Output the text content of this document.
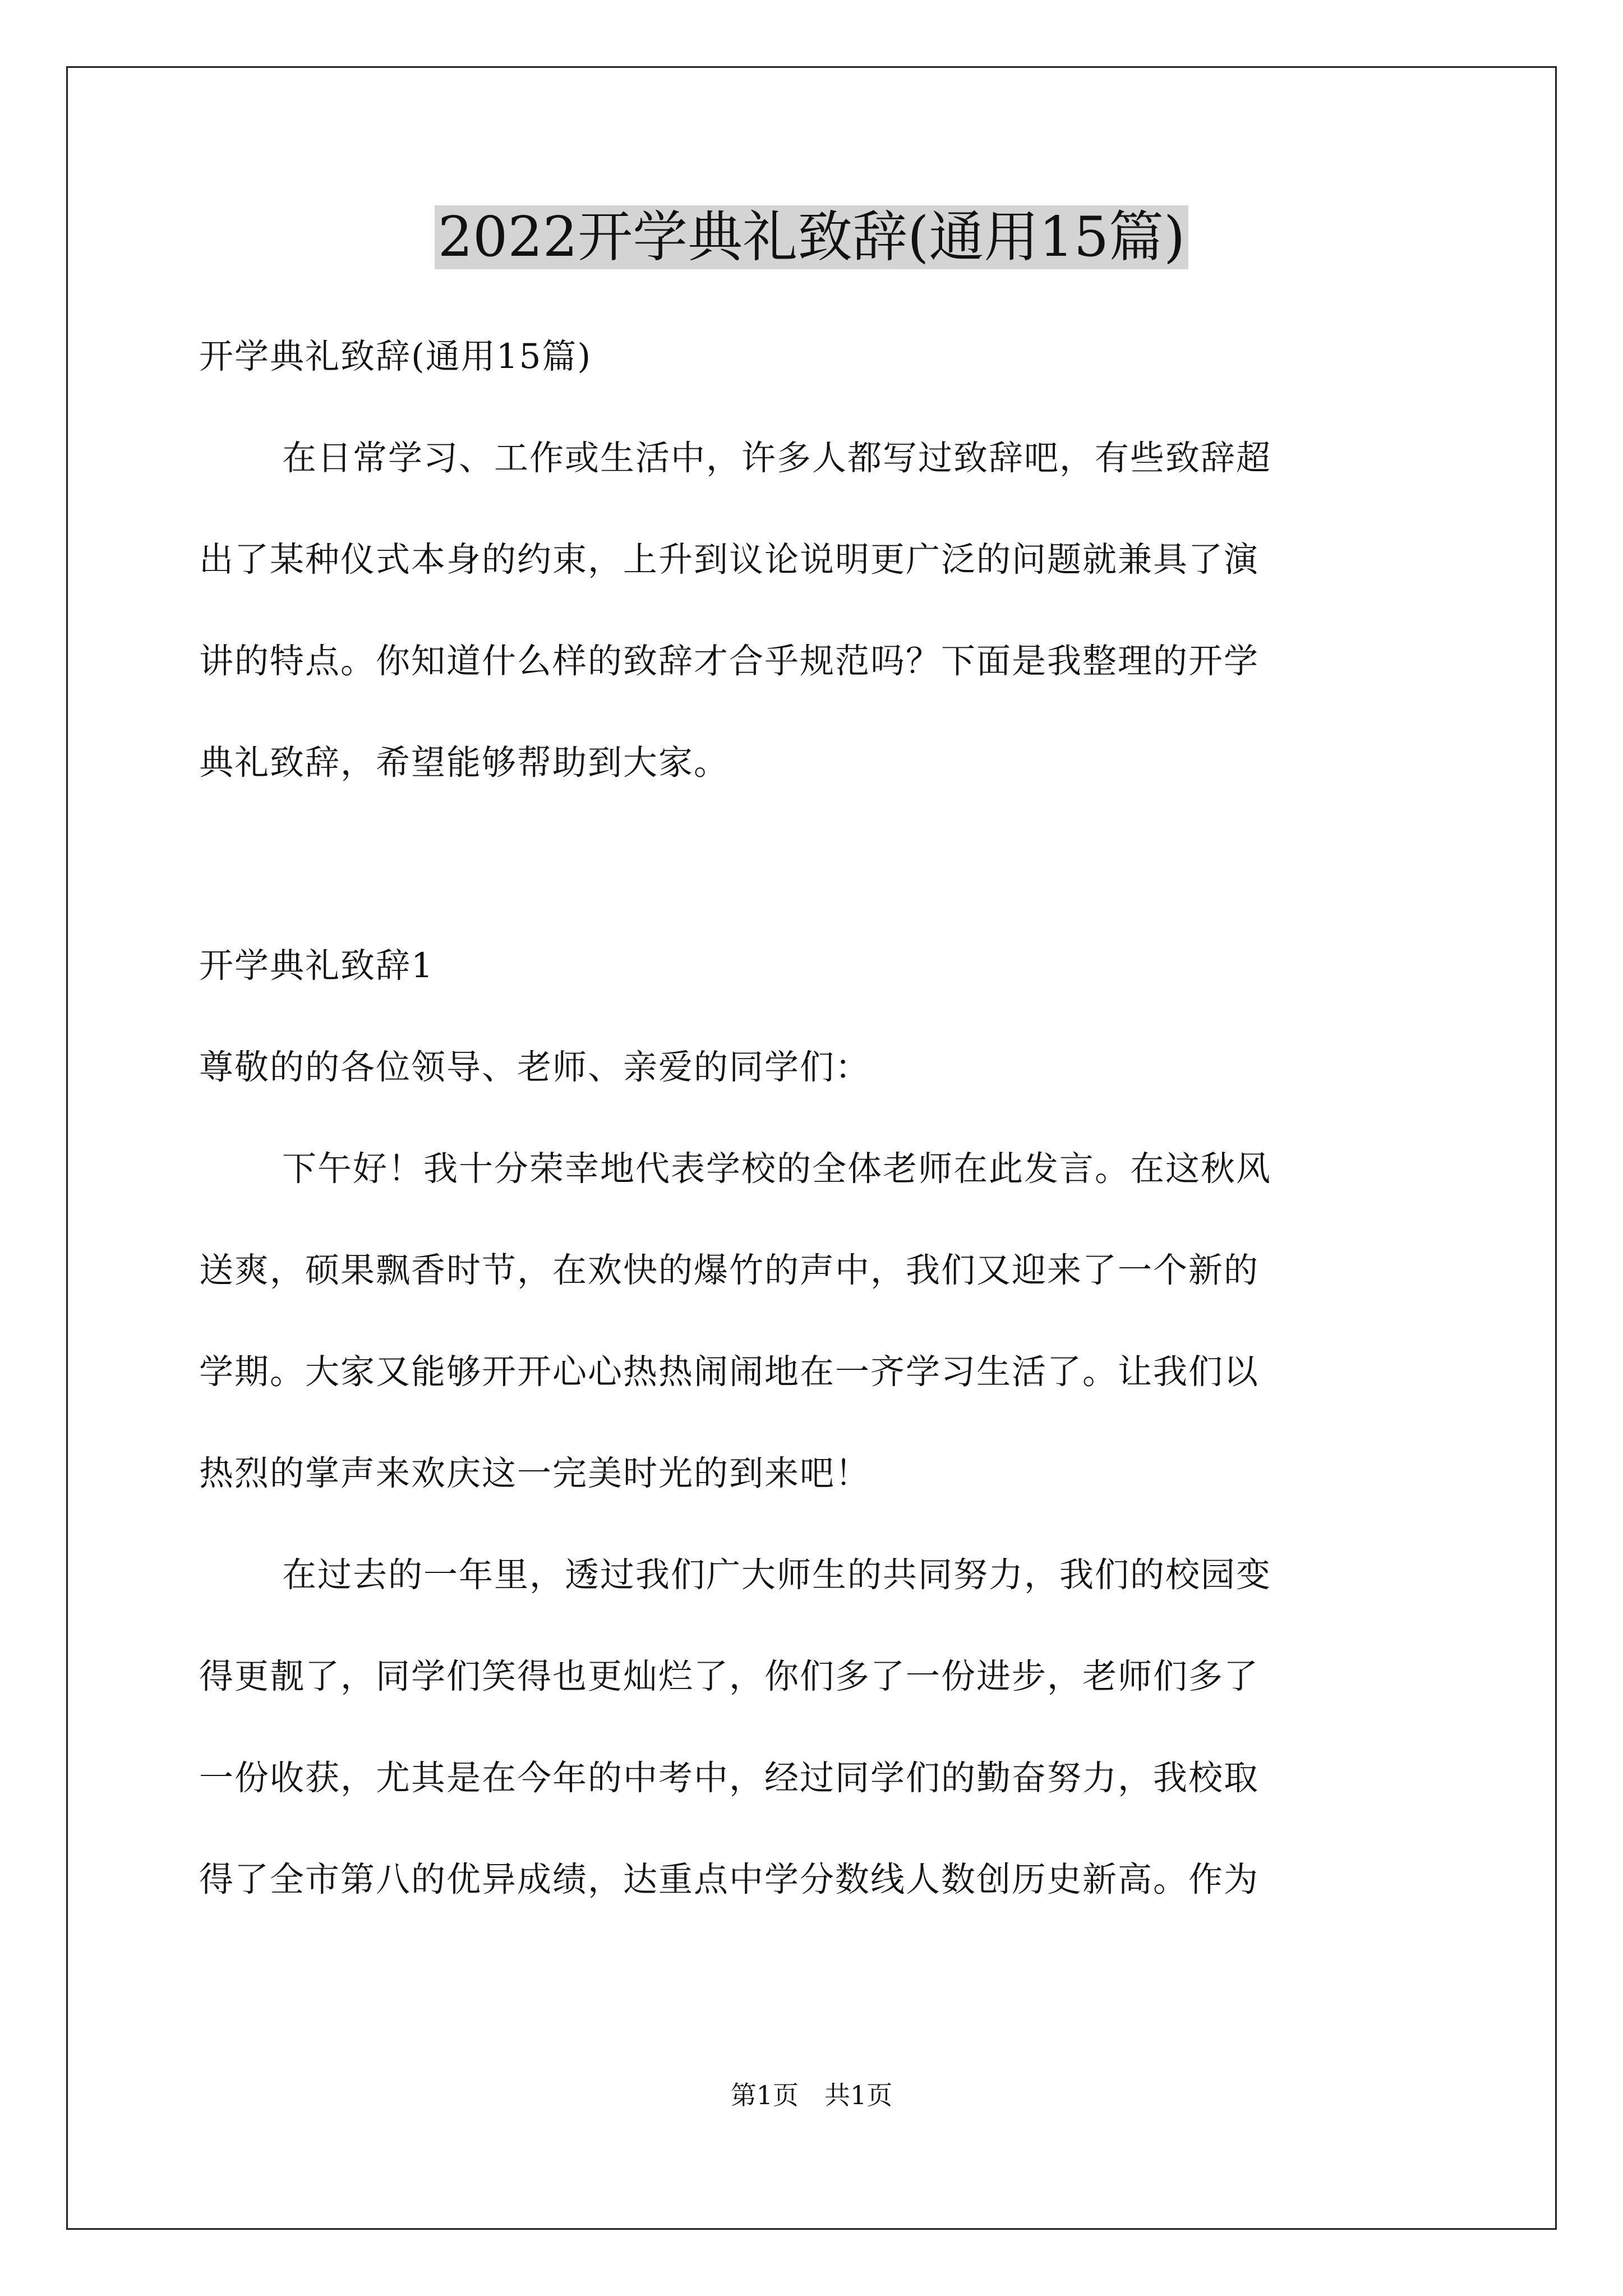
2022开学典礼致辞(通用15篇)
开学典礼致辞(通用15篇)
在日常学习、工作或生活中，许多人都写过致辞吧，有些致辞超
出了某种仪式本身的约束，上升到议论说明更广泛的问题就兼具了演
讲的特点。你知道什么样的致辞才合乎规范吗？下面是我整理的开学
典礼致辞，希望能够帮助到大家。
开学典礼致辞1
尊敬的的各位领导、老师、亲爱的同学们：
下午好！我十分荣幸地代表学校的全体老师在此发言。在这秋风
送爽，硕果飘香时节，在欢快的爆竹的声中，我们又迎来了一个新的
学期。大家又能够开开心心热热闹闹地在一齐学习生活了。让我们以
热烈的掌声来欢庆这一完美时光的到来吧！
在过去的一年里，透过我们广大师生的共同努力，我们的校园变
得更靓了，同学们笑得也更灿烂了，你们多了一份进步，老师们多了
一份收获，尤其是在今年的中考中，经过同学们的勤奋努力，我校取
得了全市第八的优异成绩，达重点中学分数线人数创历史新高。作为
第1页　共1页
